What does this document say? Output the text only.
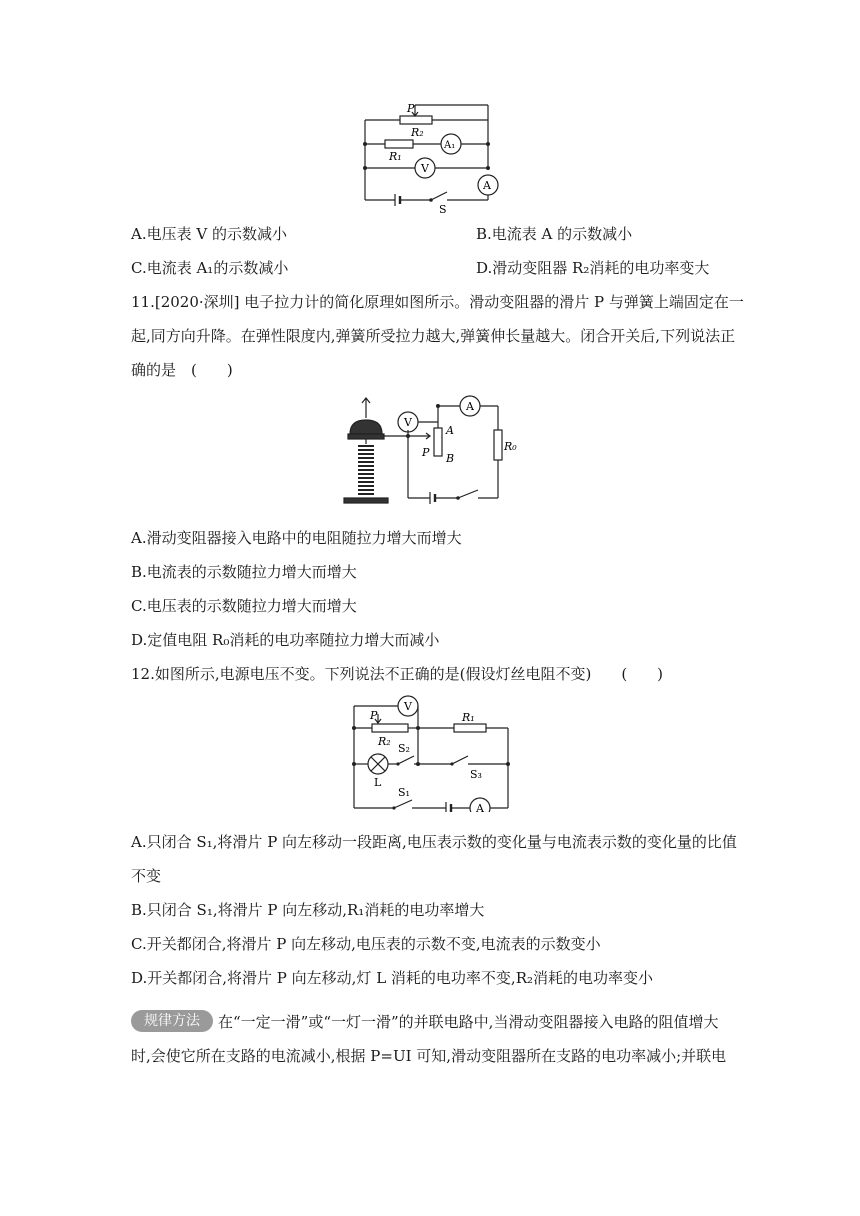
P
R₂
R₁
A₁
V
A
S
A.电压表 V 的示数减小	B.电流表 A 的示数减小
C.电流表 A₁的示数减小	D.滑动变阻器 R₂消耗的电功率变大
11.[2020·深圳] 电子拉力计的简化原理如图所示。滑动变阻器的滑片 P 与弹簧上端固定在一
起,同方向升降。在弹性限度内,弹簧所受拉力越大,弹簧伸长量越大。闭合开关后,下列说法正
确的是　(　　)
V
A
A
P B
R₀
A.滑动变阻器接入电路中的电阻随拉力增大而增大
B.电流表的示数随拉力增大而增大
C.电压表的示数随拉力增大而增大
D.定值电阻 R₀消耗的电功率随拉力增大而减小
12.如图所示,电源电压不变。下列说法不正确的是(假设灯丝电阻不变)　　(　　)
V
P	R₁
R₂
S₂
S₃
L
S₁
A
A.只闭合 S₁,将滑片 P 向左移动一段距离,电压表示数的变化量与电流表示数的变化量的比值
不变
B.只闭合 S₁,将滑片 P 向左移动,R₁消耗的电功率增大
C.开关都闭合,将滑片 P 向左移动,电压表的示数不变,电流表的示数变小
D.开关都闭合,将滑片 P 向左移动,灯 L 消耗的电功率不变,R₂消耗的电功率变小
规律方法	在“一定一滑”或“一灯一滑”的并联电路中,当滑动变阻器接入电路的阻值增大
时,会使它所在支路的电流减小,根据 P=UI 可知,滑动变阻器所在支路的电功率减小;并联电
